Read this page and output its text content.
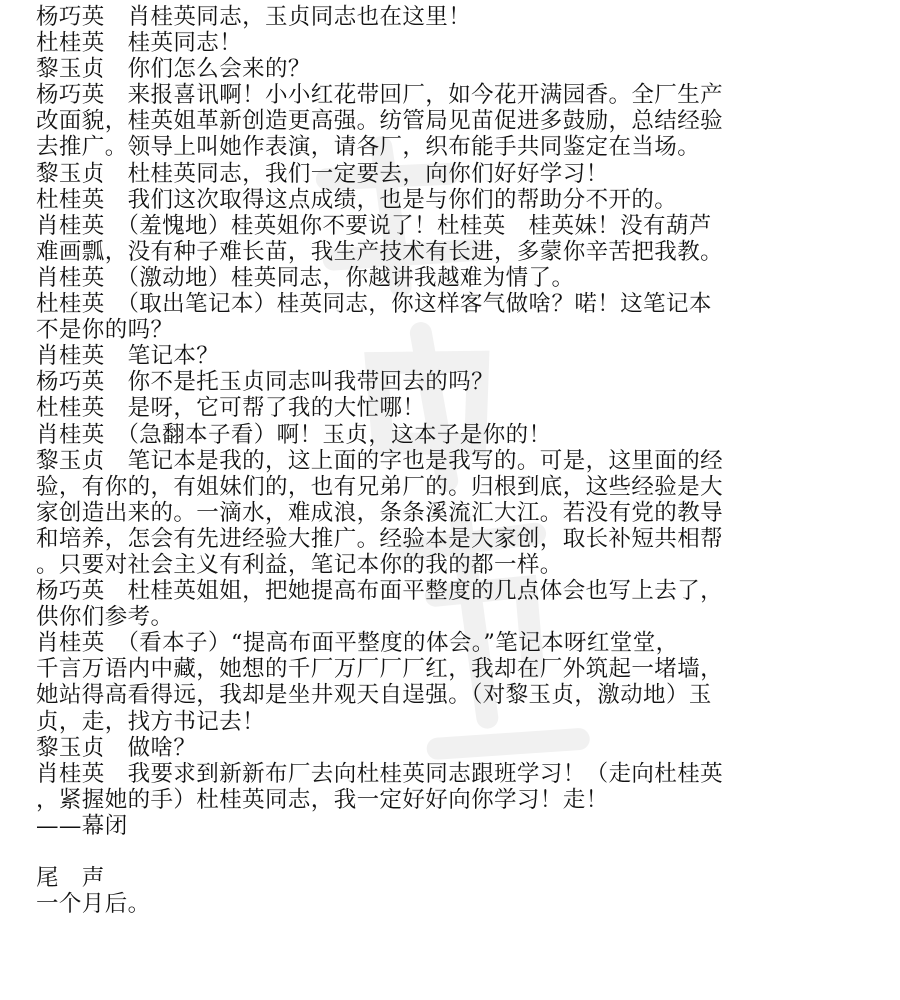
杨巧英　肖桂英同志，玉贞同志也在这里！
杜桂英　桂英同志！
黎玉贞　你们怎么会来的？
杨巧英　来报喜讯啊！小小红花带回厂，如今花开满园香。全厂生产
改面貌，桂英姐革新创造更高强。纺管局见苗促进多鼓励，总结经验
去推广。领导上叫她作表演，请各厂，织布能手共同鉴定在当场。
黎玉贞　杜桂英同志，我们一定要去，向你们好好学习！
杜桂英　我们这次取得这点成绩，也是与你们的帮助分不开的。
肖桂英　（羞愧地）桂英姐你不要说了！杜桂英　桂英妹！没有葫芦
难画瓢，没有种子难长苗，我生产技术有长进，多蒙你辛苦把我教。
肖桂英　（激动地）桂英同志，你越讲我越难为情了。
杜桂英　（取出笔记本）桂英同志，你这样客气做啥？喏！这笔记本
不是你的吗？
肖桂英　笔记本？
杨巧英　你不是托玉贞同志叫我带回去的吗？
杜桂英　是呀，它可帮了我的大忙哪！
肖桂英　（急翻本子看）啊！玉贞，这本子是你的！
黎玉贞　笔记本是我的，这上面的字也是我写的。可是，这里面的经
验，有你的，有姐妹们的，也有兄弟厂的。归根到底，这些经验是大
家创造出来的。一滴水，难成浪，条条溪流汇大江。若没有党的教导
和培养，怎会有先进经验大推广。经验本是大家创，取长补短共相帮
。只要对社会主义有利益，笔记本你的我的都一样。
杨巧英　杜桂英姐姐，把她提高布面平整度的几点体会也写上去了，
供你们参考。
肖桂英　（看本子）“提高布面平整度的体会。”笔记本呀红堂堂，
千言万语内中藏，她想的千厂万厂厂厂红，我却在厂外筑起一堵墙，
她站得高看得远，我却是坐井观天自逞强。（对黎玉贞，激动地）玉
贞，走，找方书记去！
黎玉贞　做啥？
肖桂英　我要求到新新布厂去向杜桂英同志跟班学习！（走向杜桂英
，紧握她的手）杜桂英同志，我一定好好向你学习！走！
——幕闭
尾　声
一个月后。
